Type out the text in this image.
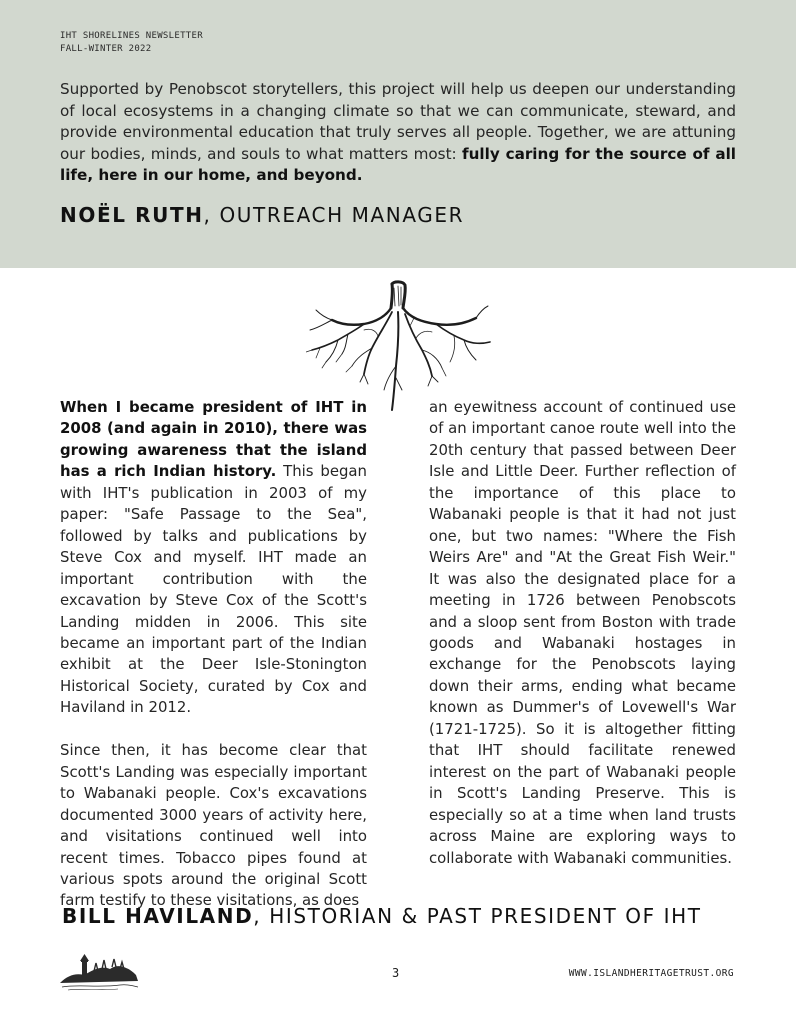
IHT SHORELINES NEWSLETTER
FALL-WINTER 2022
Supported by Penobscot storytellers, this project will help us deepen our understanding of local ecosystems in a changing climate so that we can communicate, steward, and provide environmental education that truly serves all people. Together, we are attuning our bodies, minds, and souls to what matters most: fully caring for the source of all life, here in our home, and beyond.
NOËL RUTH, OUTREACH MANAGER

When I became president of IHT in 2008 (and again in 2010), there was growing awareness that the island has a rich Indian history. This began with IHT's publication in 2003 of my paper: "Safe Passage to the Sea", followed by talks and publications by Steve Cox and myself. IHT made an important contribution with the excavation by Steve Cox of the Scott's Landing midden in 2006. This site became an important part of the Indian exhibit at the Deer Isle-Stonington Historical Society, curated by Cox and Haviland in 2012.

Since then, it has become clear that Scott's Landing was especially important to Wabanaki people. Cox's excavations documented 3000 years of activity here, and visitations continued well into recent times. Tobacco pipes found at various spots around the original Scott farm testify to these visitations, as does

an eyewitness account of continued use of an important canoe route well into the 20th century that passed between Deer Isle and Little Deer. Further reflection of the importance of this place to Wabanaki people is that it had not just one, but two names: "Where the Fish Weirs Are" and "At the Great Fish Weir." It was also the designated place for a meeting in 1726 between Penobscots and a sloop sent from Boston with trade goods and Wabanaki hostages in exchange for the Penobscots laying down their arms, ending what became known as Dummer's of Lovewell's War (1721-1725). So it is altogether fitting that IHT should facilitate renewed interest on the part of Wabanaki people in Scott's Landing Preserve. This is especially so at a time when land trusts across Maine are exploring ways to collaborate with Wabanaki communities.

BILL HAVILAND, HISTORIAN & PAST PRESIDENT OF IHT
3	WWW.ISLANDHERITAGETRUST.ORG
